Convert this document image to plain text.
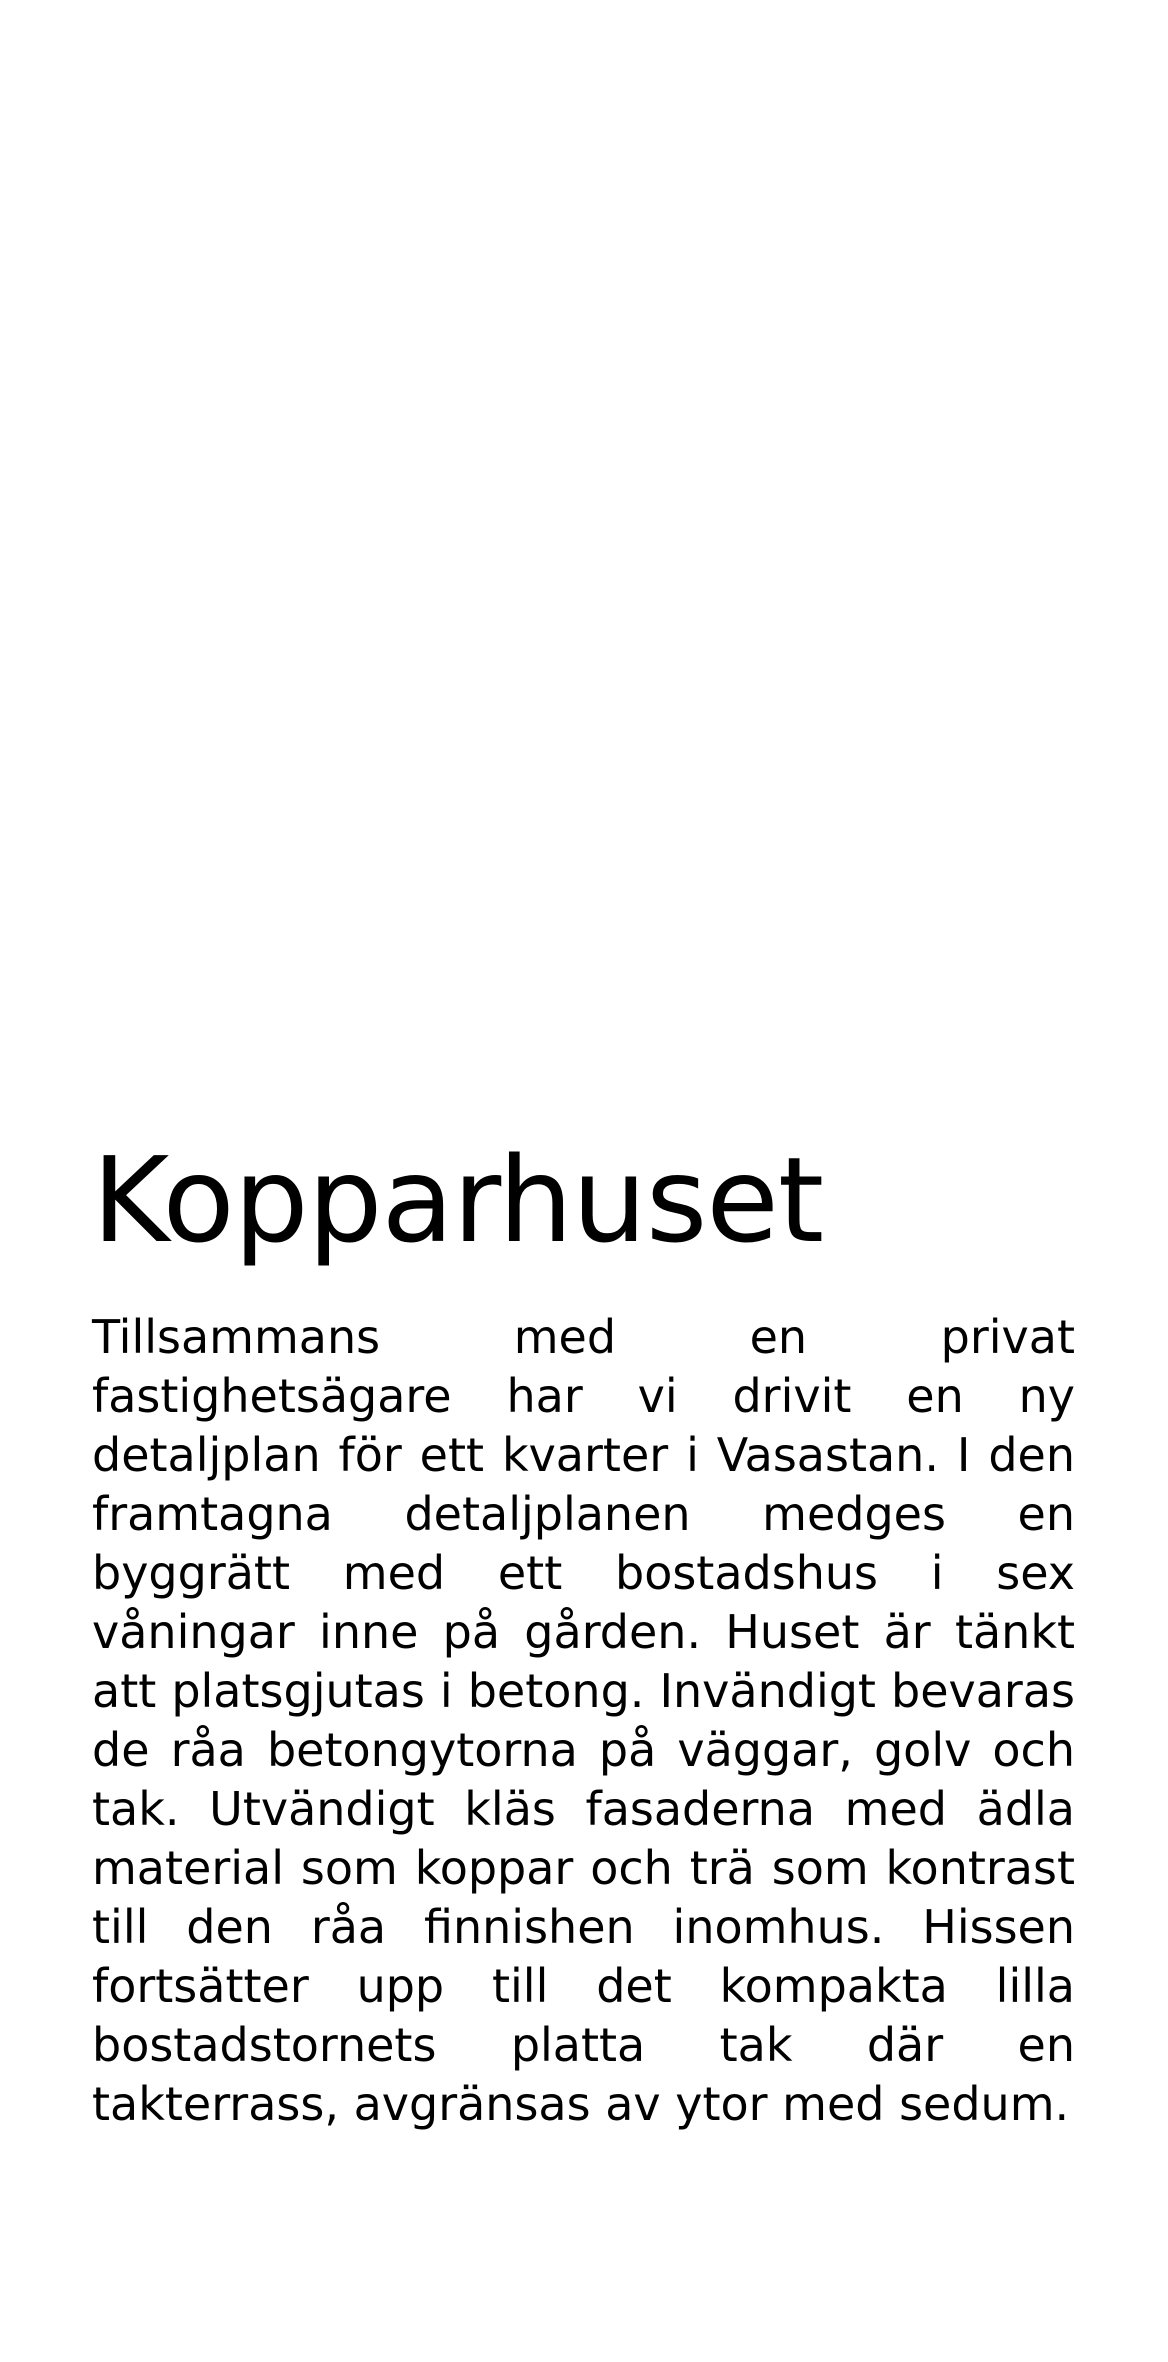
Kopparhuset

Tillsammans med en privat fastighetsägare har vi drivit en ny detaljplan för ett kvarter i Vasastan. I den framtagna detaljplanen medges en byggrätt med ett bostadshus i sex våningar inne på gården. Huset är tänkt att platsgjutas i betong. Invändigt bevaras de råa betongytorna på väggar, golv och tak. Utvändigt kläs fasaderna med ädla material som koppar och trä som kontrast till den råa finnishen inomhus. Hissen fortsätter upp till det kompakta lilla bostadstornets platta tak där en takterrass, avgränsas av ytor med sedum.
